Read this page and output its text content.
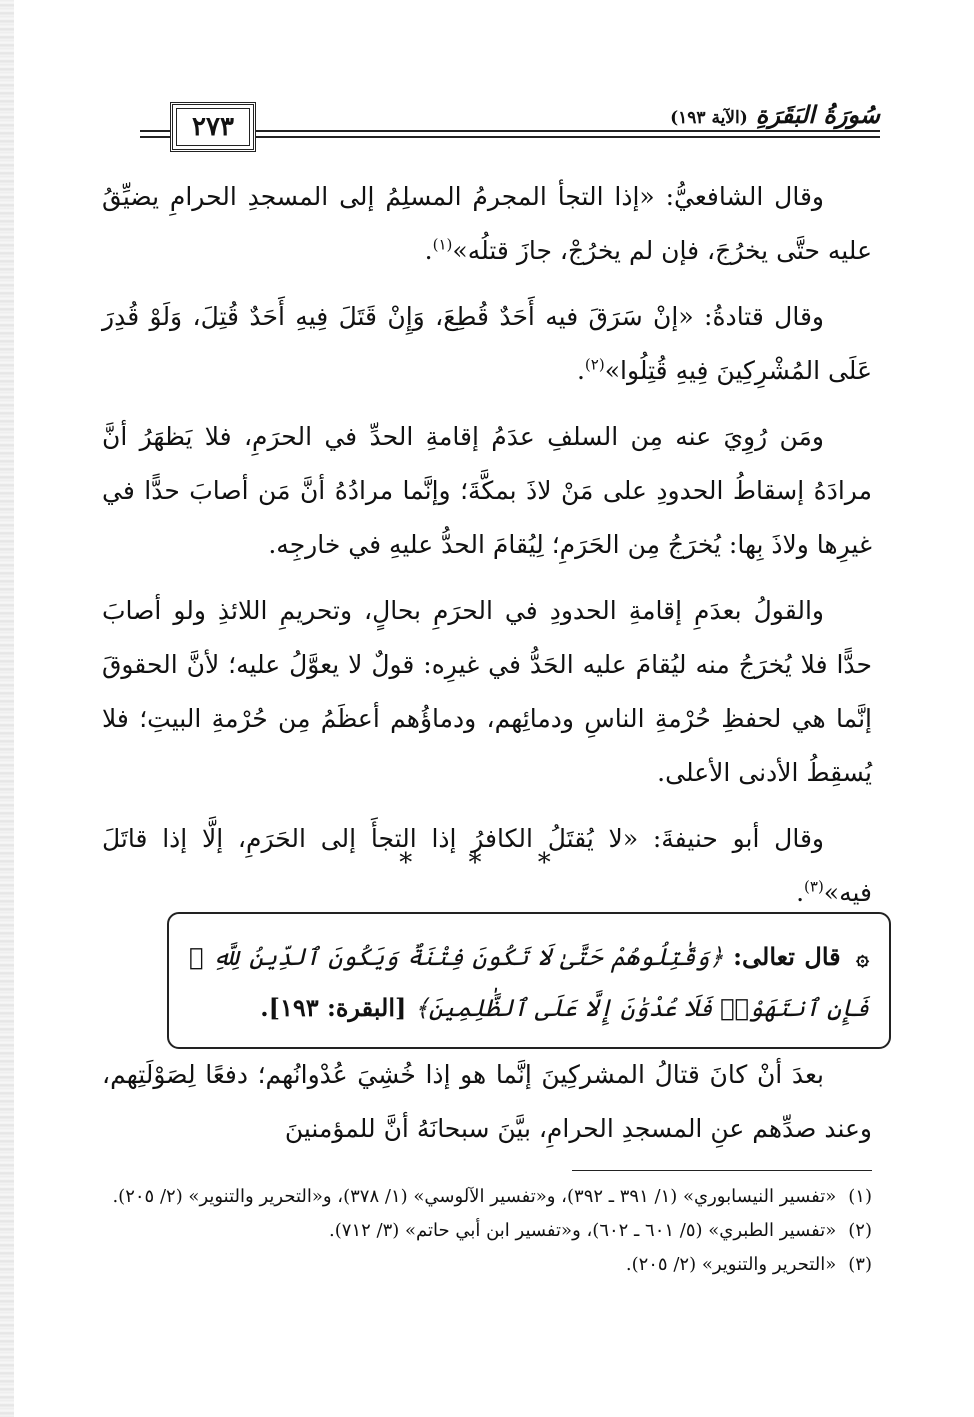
سُورَةُ البَقَرَةِ
(الآية ١٩٣)
٢٧٣

وقال الشافعيُّ: «إذا التجأ المجرمُ المسلِمُ إلى المسجدِ الحرامِ يضيِّقُ عليه حتَّى يخرُجَ، فإن لم يخرُجْ، جازَ قتلُه»$^{(١)}$.

وقال قتادةُ: «إنْ سَرَقَ فيه أَحَدٌ قُطِعَ، وَإِنْ قَتَلَ فِيهِ أَحَدٌ قُتِلَ، وَلَوْ قُدِرَ عَلَى المُشْرِكِينَ فِيهِ قُتِلُوا»$^{(٢)}$.

ومَن رُوِيَ عنه مِن السلفِ عدَمُ إقامةِ الحدِّ في الحرَمِ، فلا يَظهَرُ أنَّ مرادَهُ إسقاطُ الحدودِ على مَنْ لاذَ بمكَّةَ؛ وإنَّما مرادُهُ أنَّ مَن أصابَ حدًّا في غيرِها ولاذَ بِها: يُخرَجُ مِن الحَرَمِ؛ لِيُقامَ الحدُّ عليهِ في خارجِه.

والقولُ بعدَمِ إقامةِ الحدودِ في الحرَمِ بحالٍ، وتحريمِ اللائذِ ولو أصابَ حدًّا فلا يُخرَجُ منه ليُقامَ عليه الحَدُّ في غيرِه: قولٌ لا يعوَّلُ عليه؛ لأنَّ الحقوقَ إنَّما هي لحفظِ حُرْمةِ الناسِ ودمائِهم، ودماؤُهم أعظَمُ مِن حُرْمةِ البيتِ؛ فلا يُسقِطُ الأدنى الأعلى.

وقال أبو حنيفةَ: «لا يُقتَلُ الكافرُ إذا التجأَ إلى الحَرَمِ، إلَّا إذا قاتَلَ فيه»$^{(٣)}$.

* * *
۞ قال تعالى: ﴿وَقَٰتِلُوهُمْ حَتَّىٰ لَا تَكُونَ فِتْنَةٌ وَيَكُونَ ٱلدِّينُ لِلَّهِ ۖ فَإِنِ ٱنتَهَوْا۟ فَلَا عُدْوَٰنَ إِلَّا عَلَى ٱلظَّٰلِمِينَ﴾ [البقرة: ١٩٣].

بعدَ أنْ كانَ قتالُ المشركِينَ إنَّما هو إذا خُشِيَ عُدْوانُهم؛ دفعًا لِصَوْلَتِهم، وعند صدِّهم عنِ المسجدِ الحرامِ، بيَّنَ سبحانَهُ أنَّ للمؤمنينَ

(١)
«تفسير النيسابوري» (١/ ٣٩١ ـ ٣٩٢)، و«تفسير الآلوسي» (١/ ٣٧٨)، و«التحرير والتنوير» (٢/ ٢٠٥).
(٢)
«تفسير الطبري» (٥/ ٦٠١ ـ ٦٠٢)، و«تفسير ابن أبي حاتم» (٣/ ٧١٢).
(٣)
«التحرير والتنوير» (٢/ ٢٠٥).
